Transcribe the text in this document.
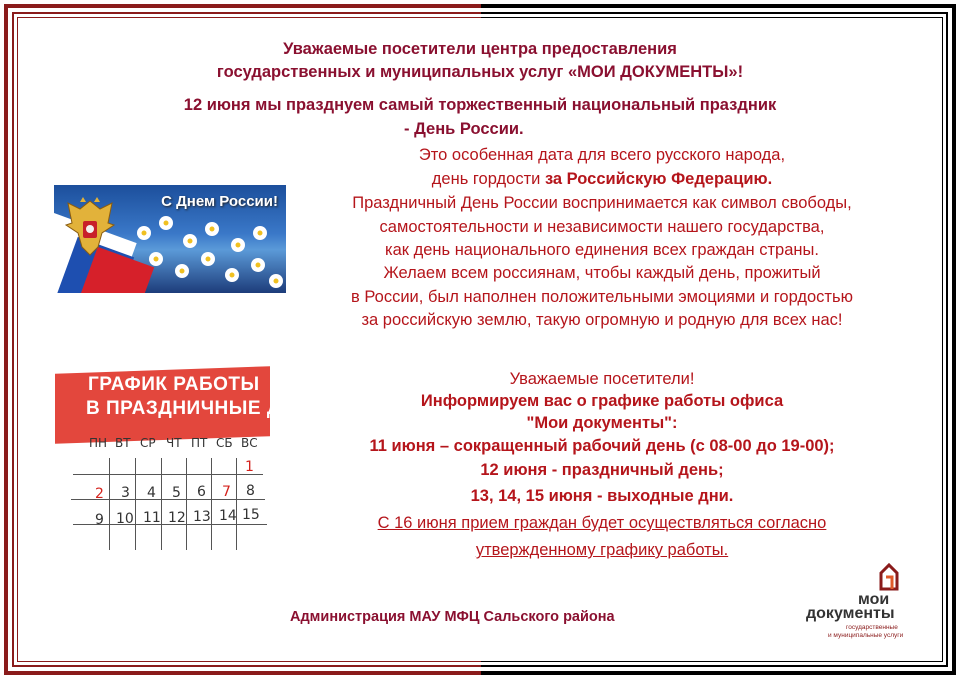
Уважаемые посетители центра предоставления

государственных и муниципальных услуг «МОИ ДОКУМЕНТЫ»!

12 июня мы празднуем самый торжественный национальный праздник

- День России.

С Днем России!

Это особенная дата для всего русского народа,

день гордости за Российскую Федерацию.

Праздничный День России воспринимается как символ свободы,

самостоятельности и независимости нашего государства,

как день национального единения всех граждан страны.

Желаем всем россиянам, чтобы каждый день, прожитый

в России, был наполнен положительными эмоциями и гордостью

за российскую землю, такую огромную и родную для всех нас!

ГРАФИК РАБОТЫ
В ПРАЗДНИЧНЫЕ ДНИ
ПН ВТ СР ЧТ ПТ СБ ВС
1
2 3 4 5 6 7 8
9 10 11 12 13 14 15

Уважаемые посетители!

Информируем вас о графике работы офиса

"Мои документы":

11 июня – сокращенный рабочий день (с 08-00 до 19-00);

12 июня - праздничный день;

13, 14, 15 июня - выходные дни.

С 16 июня прием граждан будет осуществляться согласно

утвержденному графику работы.

Администрация МАУ МФЦ Сальского района

мои
документы
государственные
и муниципальные услуги
